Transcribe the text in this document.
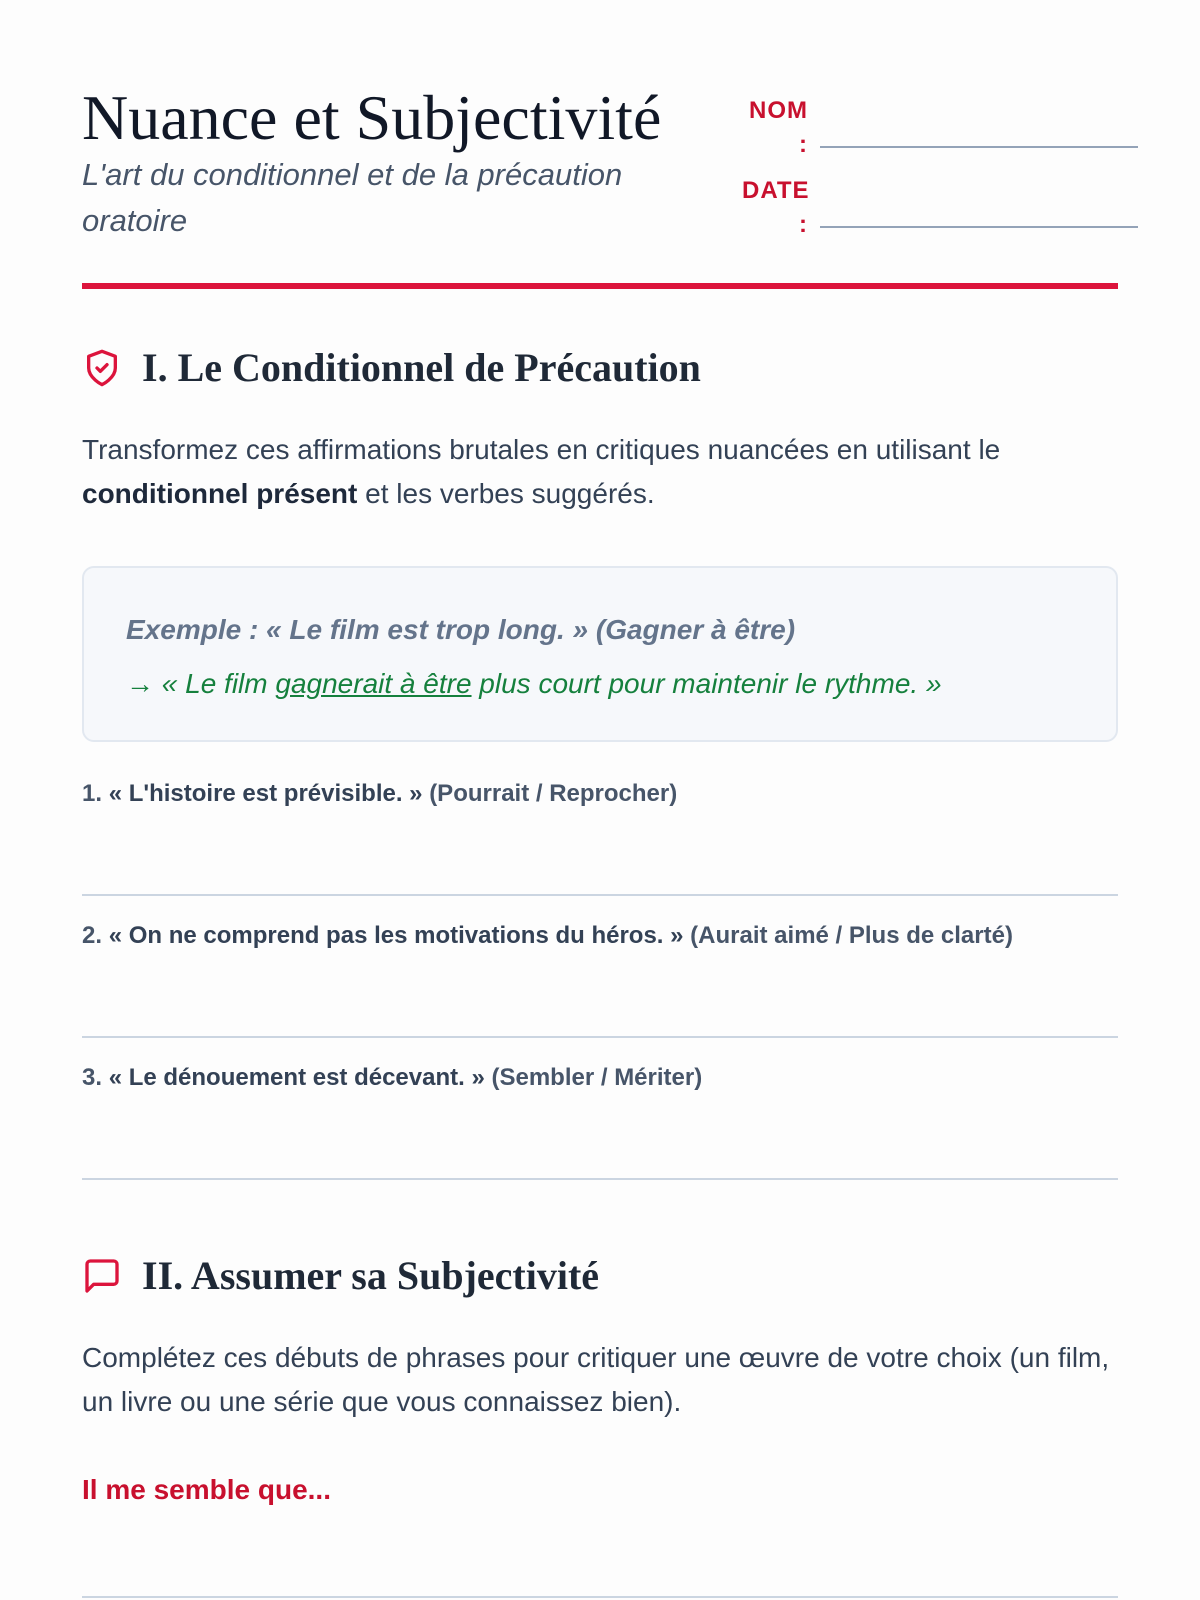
Nuance et Subjectivité
L'art du conditionnel et de la précaution oratoire
NOM :
DATE :
I. Le Conditionnel de Précaution
Transformez ces affirmations brutales en critiques nuancées en utilisant le conditionnel présent et les verbes suggérés.
Exemple : « Le film est trop long. » (Gagner à être)
→ « Le film gagnerait à être plus court pour maintenir le rythme. »
1. « L'histoire est prévisible. » (Pourrait / Reprocher)
2. « On ne comprend pas les motivations du héros. » (Aurait aimé / Plus de clarté)
3. « Le dénouement est décevant. » (Sembler / Mériter)
II. Assumer sa Subjectivité
Complétez ces débuts de phrases pour critiquer une œuvre de votre choix (un film, un livre ou une série que vous connaissez bien).
Il me semble que...
